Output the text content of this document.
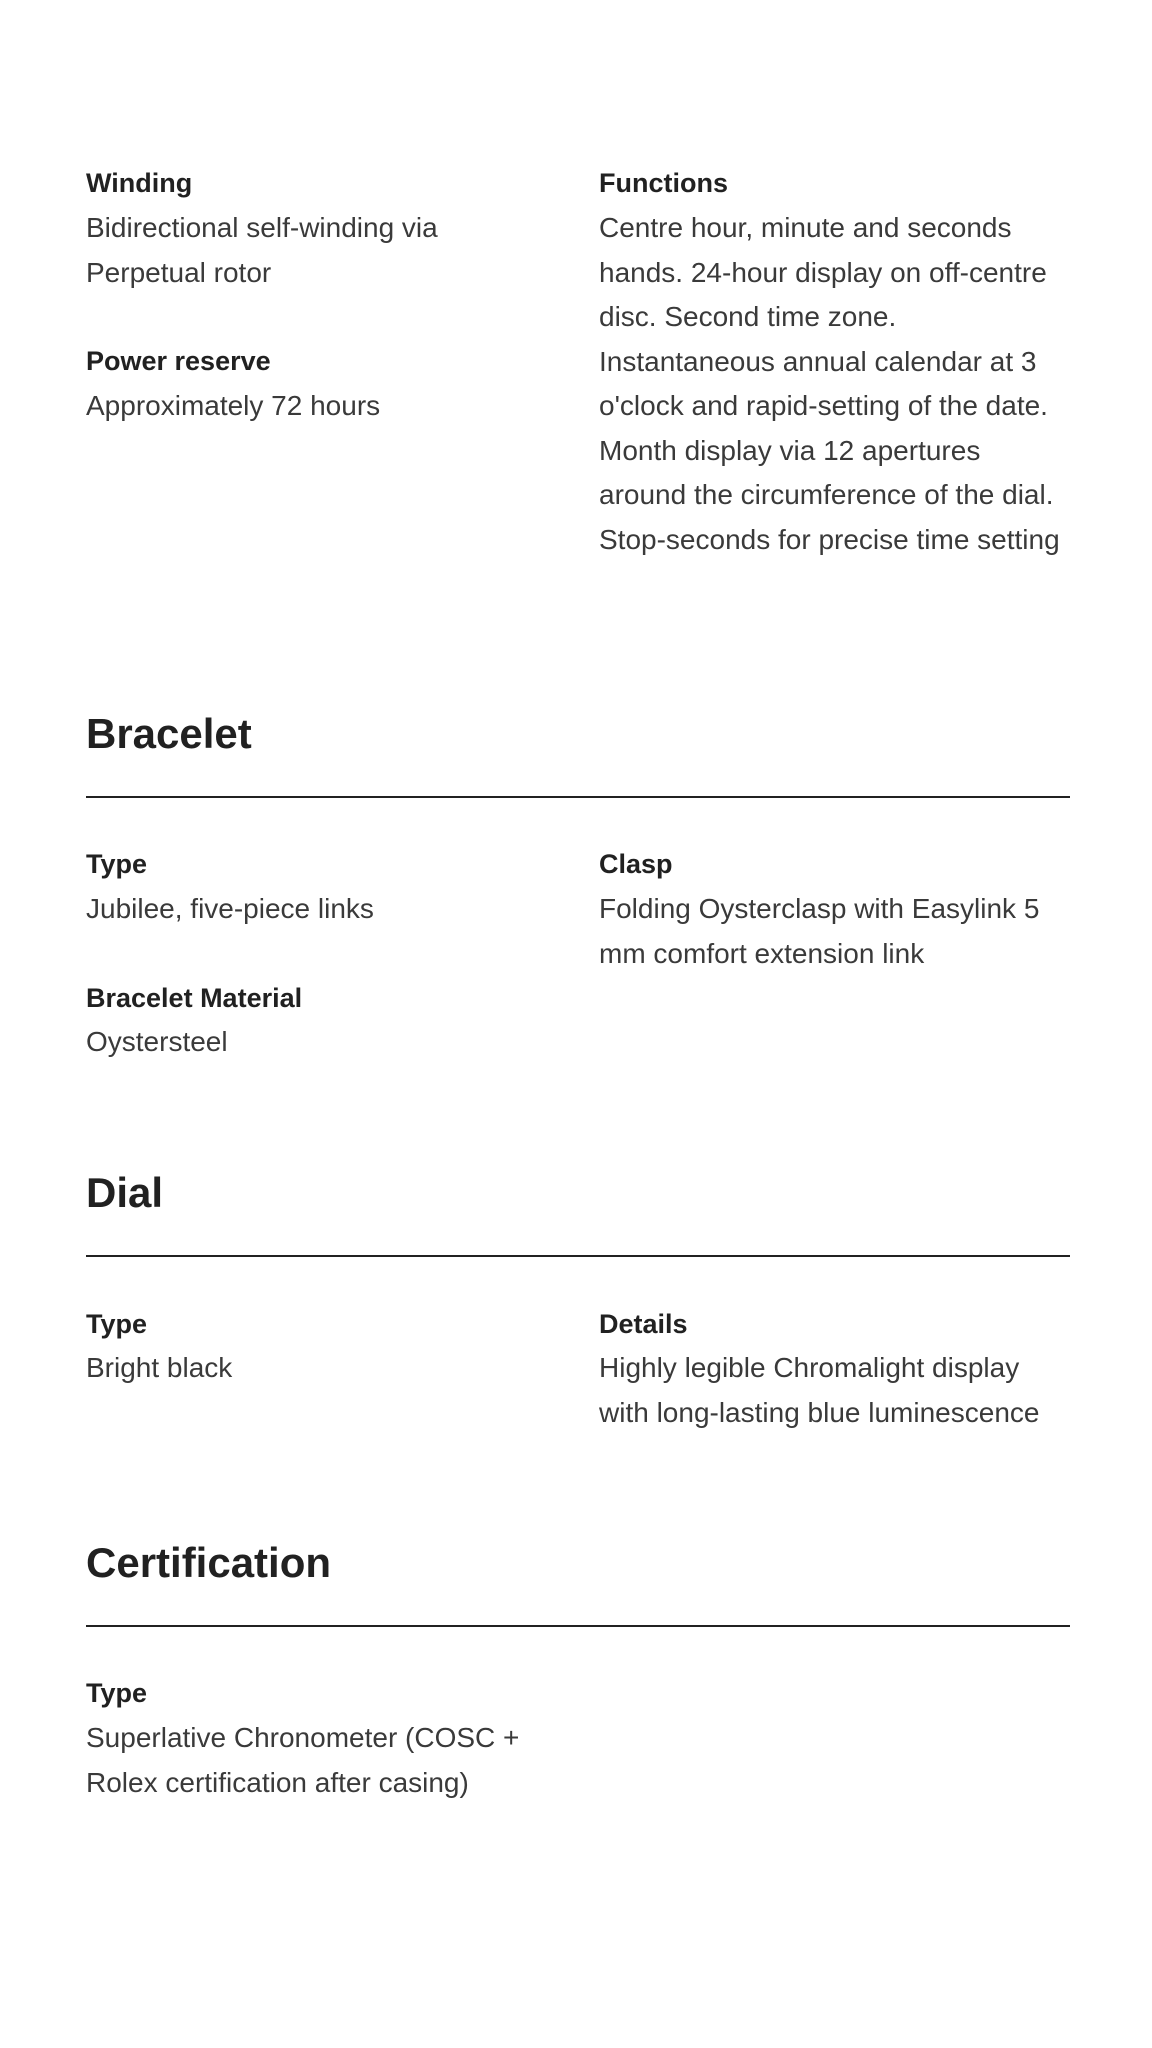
Winding
Bidirectional self-winding via Perpetual rotor
Power reserve
Approximately 72 hours
Functions
Centre hour, minute and seconds hands. 24-hour display on off-centre disc. Second time zone. Instantaneous annual calendar at 3 o'clock and rapid-setting of the date. Month display via 12 apertures around the circumference of the dial. Stop-seconds for precise time setting
Bracelet
Type
Jubilee, five-piece links
Bracelet Material
Oystersteel
Clasp
Folding Oysterclasp with Easylink 5 mm comfort extension link
Dial
Type
Bright black
Details
Highly legible Chromalight display with long-lasting blue luminescence
Certification
Type
Superlative Chronometer (COSC + Rolex certification after casing)
